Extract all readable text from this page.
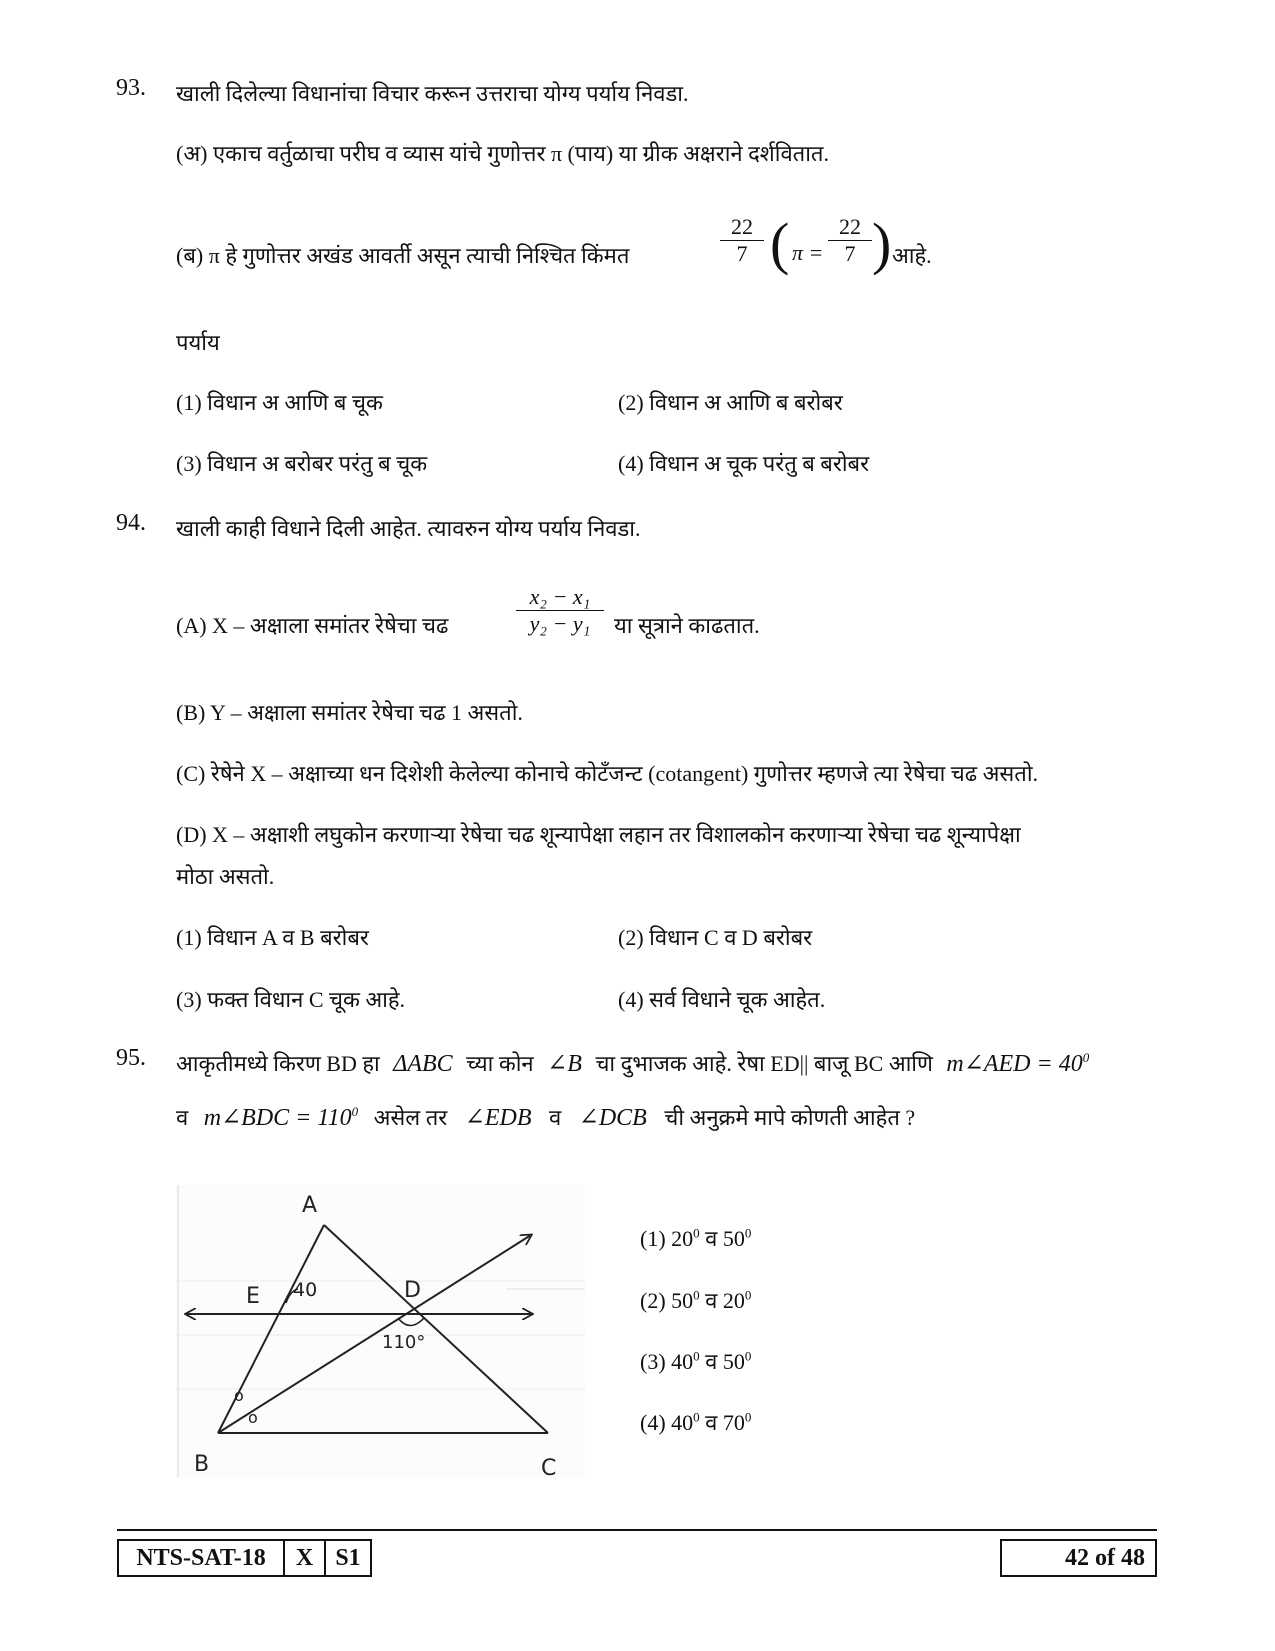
93. खाली दिलेल्या विधानांचा विचार करून उत्तराचा योग्य पर्याय निवडा.
(अ) एकाच वर्तुळाचा परीघ व व्यास यांचे गुणोत्तर π (पाय) या ग्रीक अक्षराने दर्शवितात.
(ब) π हे गुणोत्तर अखंड आवर्ती असून त्याची निश्चित किंमत
22
7 ( π =
22
7 ) आहे.
पर्याय
(1) विधान अ आणि ब चूक	(2) विधान अ आणि ब बरोबर
(3) विधान अ बरोबर परंतु ब चूक	(4) विधान अ चूक परंतु ब बरोबर
94. खाली काही विधाने दिली आहेत. त्यावरुन योग्य पर्याय निवडा.
(A) X – अक्षाला समांतर रेषेचा चढ
x₂ − x₁
y₂ − y₁	या सूत्राने काढतात.
(B) Y – अक्षाला समांतर रेषेचा चढ 1 असतो.
(C) रेषेने X – अक्षाच्या धन दिशेशी केलेल्या कोनाचे कोटँजन्ट (cotangent) गुणोत्तर म्हणजे त्या रेषेचा चढ असतो.
(D) X – अक्षाशी लघुकोन करणाऱ्या रेषेचा चढ शून्यापेक्षा लहान तर विशालकोन करणाऱ्या रेषेचा चढ शून्यापेक्षा
मोठा असतो.
(1) विधान A व B बरोबर	(2) विधान C व D बरोबर
(3) फक्त विधान C चूक आहे.	(4) सर्व विधाने चूक आहेत.
95. आकृतीमध्ये किरण BD हा ΔABC च्या कोन ∠B चा दुभाजक आहे. रेषा ED|| बाजू BC आणि m∠AED = $40^0$
व m∠BDC = $110^0$ असेल तर ∠EDB व ∠DCB ची अनुक्रमे मापे कोणती आहेत ?
A
B	C
D
E 40
110°
o
o
(1) $20^0$ व $50^0$
(2) $50^0$ व $20^0$
(3) $40^0$ व $50^0$
(4) $40^0$ व $70^0$
NTS-SAT-18	X S1	42 of 48
